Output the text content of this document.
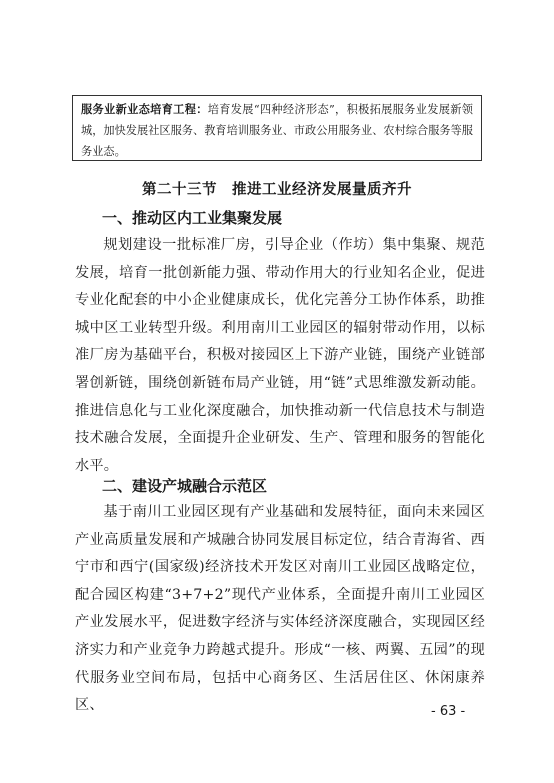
服务业新业态培育工程：培育发展“四种经济形态”，积极拓展服务业发展新领城，加快发展社区服务、教育培训服务业、市政公用服务业、农村综合服务等服务业态。
第二十三节　推进工业经济发展量质齐升
一、推动区内工业集聚发展
规划建设一批标准厂房，引导企业（作坊）集中集聚、规范发展，培育一批创新能力强、带动作用大的行业知名企业，促进专业化配套的中小企业健康成长，优化完善分工协作体系，助推城中区工业转型升级。利用南川工业园区的辐射带动作用，以标准厂房为基础平台，积极对接园区上下游产业链，围绕产业链部署创新链，围绕创新链布局产业链，用“链”式思维激发新动能。推进信息化与工业化深度融合，加快推动新一代信息技术与制造技术融合发展，全面提升企业研发、生产、管理和服务的智能化水平。
二、建设产城融合示范区
基于南川工业园区现有产业基础和发展特征，面向未来园区产业高质量发展和产城融合协同发展目标定位，结合青海省、西宁市和西宁(国家级)经济技术开发区对南川工业园区战略定位，配合园区构建“3+7+2”现代产业体系，全面提升南川工业园区产业发展水平，促进数字经济与实体经济深度融合，实现园区经济实力和产业竞争力跨越式提升。形成“一核、两翼、五园”的现代服务业空间布局，包括中心商务区、生活居住区、休闲康养区、	- 63 -
